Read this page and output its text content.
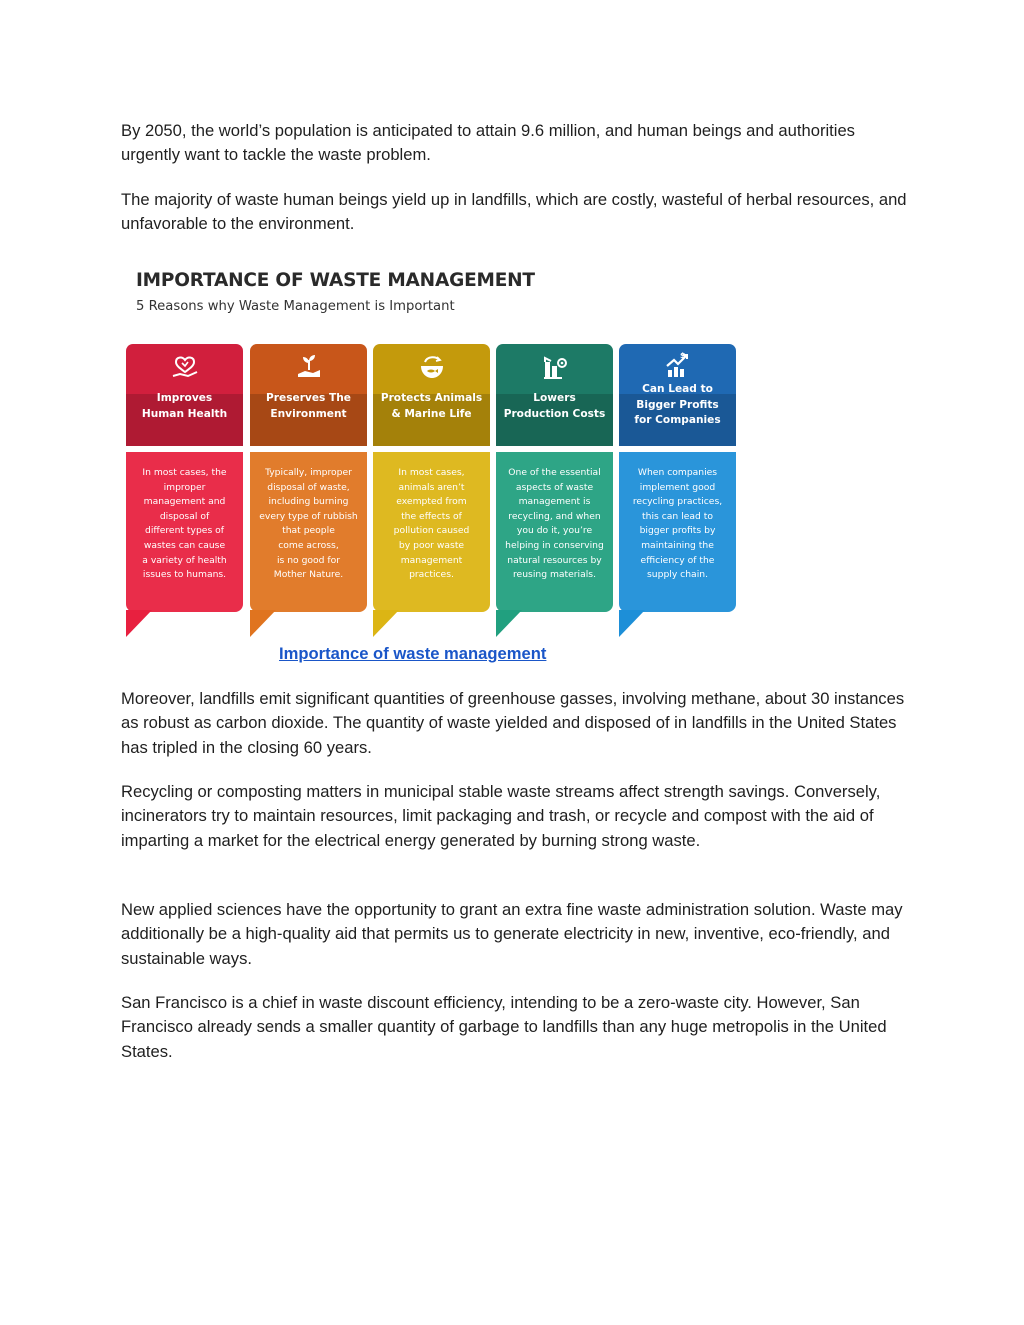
By 2050, the world’s population is anticipated to attain 9.6 million, and human beings and authorities urgently want to tackle the waste problem.

The majority of waste human beings yield up in landfills, which are costly, wasteful of herbal resources, and unfavorable to the environment.

IMPORTANCE OF WASTE MANAGEMENT

5 Reasons why Waste Management is Important

Improves
Human Health
In most cases, the
improper
management and
disposal of
different types of
wastes can cause
a variety of health
issues to humans.
Preserves The
Environment
Typically, improper
disposal of waste,
including burning
every type of rubbish
that people
come across,
is no good for
Mother Nature.
Protects Animals
& Marine Life
In most cases,
animals aren’t
exempted from
the effects of
pollution caused
by poor waste
management
practices.
Lowers
Production Costs
One of the essential
aspects of waste
management is
recycling, and when
you do it, you’re
helping in conserving
natural resources by
reusing materials.
$
Can Lead to
Bigger Profits
for Companies
When companies
implement good
recycling practices,
this can lead to
bigger profits by
maintaining the
efficiency of the
supply chain.

Importance of waste management

Moreover, landfills emit significant quantities of greenhouse gasses, involving methane, about 30 instances as robust as carbon dioxide. The quantity of waste yielded and disposed of in landfills in the United States has tripled in the closing 60 years.

Recycling or composting matters in municipal stable waste streams affect strength savings. Conversely, incinerators try to maintain resources, limit packaging and trash, or recycle and compost with the aid of imparting a market for the electrical energy generated by burning strong waste.

New applied sciences have the opportunity to grant an extra fine waste administration solution. Waste may additionally be a high-quality aid that permits us to generate electricity in new, inventive, eco-friendly, and sustainable ways.

San Francisco is a chief in waste discount efficiency, intending to be a zero-waste city. However, San Francisco already sends a smaller quantity of garbage to landfills than any huge metropolis in the United States.
